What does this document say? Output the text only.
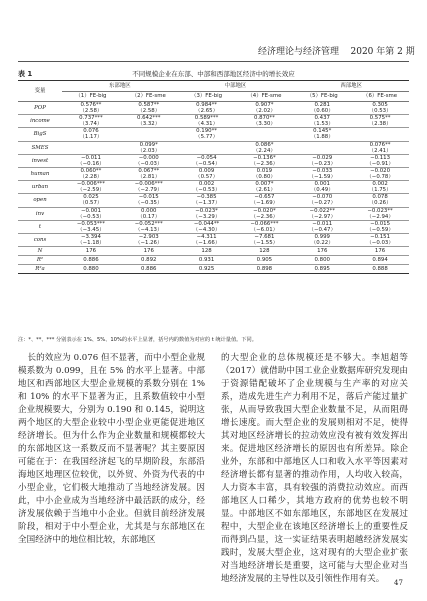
经济理论与经济管理 2020 年第 2 期
表 1	不同规模企业在东部、中部和西部地区经济中的增长效应
变量	东部地区		中部地区		西部地区	
	（1）FE-big	（2）FE-sme	（3）FE-big	（4）FE-sme	（5）FE-big	（6）FE-sme
POP	0.576**	0.587**	0.984**	0.907*	0.281	0.305
	（2.58）	（2.58）	（2.65）	（2.02）	（0.60）	（0.53）
income	0.737***	0.642***	0.589***	0.870**	0.437	0.575**
	（3.74）	（3.32）	（4.31）	（3.30）	（1.53）	（2.38）
BigS	0.076		0.190**		0.145*	
	（1.17）		（5.77）		（1.88）	
SMES		0.099*		0.086*		0.076**
		（2.03）		（2.24）		（2.41）
invest	−0.011	−0.000	−0.054	−0.136*	−0.029	−0.113
	（−0.16）	（−0.03）	（−0.54）	（−2.36）	（−0.23）	（−0.91）
human	0.060**	0.067**	0.009	0.019	−0.033	−0.020
	（2.28）	（2.81）	（0.57）	（0.80）	（−1.59）	（−0.78）
urban	−0.006***	−0.006***	0.002	0.007*	0.001	0.002
	（−2.59）	（−2.79）	（−0.53）	（2.61）	（0.49）	（1.75）
open	0.025	−0.015	−0.385	−0.657	−0.070	0.078
	（0.57）	（−0.35）	（−1.37）	（−1.69）	（−0.27）	（0.26）
inv	−0.001	0.000	−0.023*	−0.020*	−0.022**	−0.023**
	（−0.53）	（0.17）	（−3.29）	（−2.36）	（−2.97）	（−2.94）
t	−0.053***	−0.052***	−0.044**	−0.066***	−0.011	−0.015
	（−3.45）	（−4.13）	（−4.30）	（−6.01）	（−0.47）	（−0.59）
cons	−3.394	−2.903	−4.311	−7.681	0.999	−0.151
	（−1.18）	（−1.26）	（−1.66）	（−1.55）	（0.22）	（−0.03）
N	176	176	128	128	176	176
R²	0.886	0.892	0.931	0.905	0.800	0.894
R²a	0.880	0.886	0.925	0.898	0.895	0.888
注：*、**、*** 分别表示在 1%、5%、10%的水平上显著，括号内的数值为对应的 t 统计量值。下同。
长的效应为 0.076 但不显著，而中小型企业规模系数为 0.099，且在 5% 的水平上显著。中部地区和西部地区大型企业规模的系数分别在 1% 和 10% 的水平下显著为正，且系数值较中小型企业规模要大，分别为 0.190 和 0.145，说明这两个地区的大型企业较中小型企业更能促进地区经济增长。但为什么作为企业数量和规模都较大的东部地区这一系数反而不显著呢？其主要原因可能在于：在我国经济起飞的早期阶段，东部沿海地区地理区位较优，以外贸、外资为代表的中小型企业，它们极大地推动了当地经济发展。因此，中小企业成为当地经济中最活跃的成分，经济发展依赖于当地中小企业。但就目前经济发展阶段，相对于中小型企业，尤其是与东部地区在全国经济中的地位相比较，东部地区
的大型企业的总体规模还是不够大。李旭超等（2017）就借助中国工业企业数据库研究发现由于资源错配破坏了企业规模与生产率的对应关系，造成先进生产力利用不足，落后产能过量扩张，从而导致我国大型企业数量不足，从而阻碍增长速度。而大型企业的发展则相对不足，使得其对地区经济增长的拉动效应没有被有效发挥出来。促进地区经济增长的原因也有所差异。除企业外，东部和中部地区人口和收入水平等因素对经济增长都有显著的推动作用，人均收入较高，人力资本丰富，具有较强的消费拉动效应。而西部地区人口稀少，其地方政府的优势也较不明显。中部地区不如东部地区，东部地区在发展过程中，大型企业在该地区经济增长上的重要性反而得到凸显，这一实证结果表明超越经济发展实践时，发展大型企业，这对现有的大型企业扩张对当地经济增长是重要，这可能与大型企业对当地经济发展的主导性以及引领性作用有关。	47
